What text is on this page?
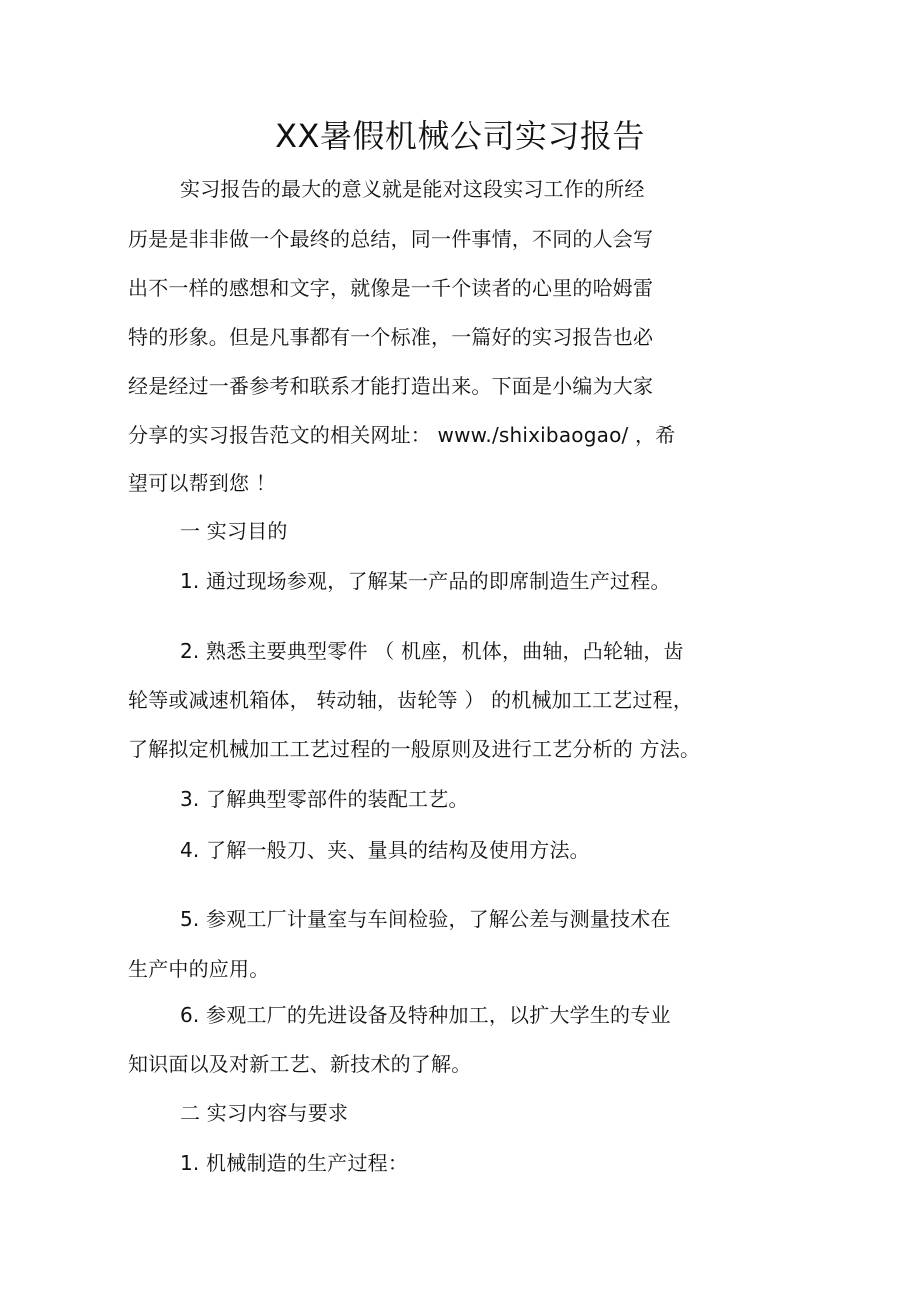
XX暑假机械公司实习报告
实习报告的最大的意义就是能对这段实习工作的所经
历是是非非做一个最终的总结，同一件事情，不同的人会写
出不一样的感想和文字，就像是一千个读者的心里的哈姆雷
特的形象。但是凡事都有一个标准，一篇好的实习报告也必
经是经过一番参考和联系才能打造出来。下面是小编为大家
分享的实习报告范文的相关网址： www./shixibaogao/ ，希
望可以帮到您 ！
一 实习目的
1. 通过现场参观，了解某一产品的即席制造生产过程。
2. 熟悉主要典型零件 （ 机座，机体，曲轴，凸轮轴，齿
轮等或减速机箱体， 转动轴，齿轮等 ） 的机械加工工艺过程，
了解拟定机械加工工艺过程的一般原则及进行工艺分析的 方法。
3. 了解典型零部件的装配工艺。
4. 了解一般刀、夹、量具的结构及使用方法。
5. 参观工厂计量室与车间检验，了解公差与测量技术在
生产中的应用。
6. 参观工厂的先进设备及特种加工，以扩大学生的专业
知识面以及对新工艺、新技术的了解。
二 实习内容与要求
1. 机械制造的生产过程：
